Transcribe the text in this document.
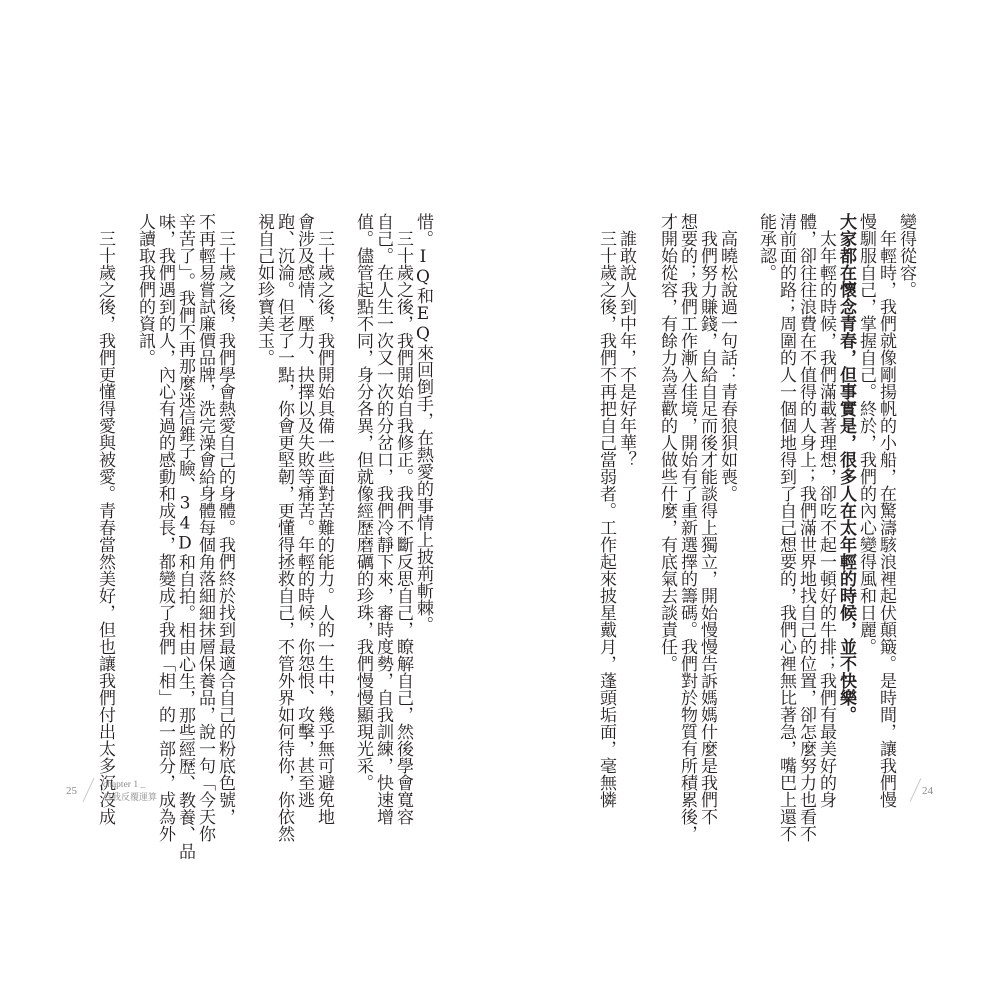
變得從容。
　年輕時，我們就像剛揚帆的小船，在驚濤駭浪裡起伏顛簸。是時間，讓我們慢
慢馴服自己，掌握自己。終於，我們的內心變得風和日麗。
大家都在懷念青春，但事實是，很多人在太年輕的時候，並不快樂。
　太年輕的時候，我們滿載著理想，卻吃不起一頓好的牛排；我們有最美好的身
體，卻往往浪費在不值得的人身上；我們滿世界地找自己的位置，卻怎麼努力也看不
清前面的路；周圍的人一個個地得到了自己想要的，我們心裡無比著急，嘴巴上還不
能承認。
　高曉松說過一句話：青春狼狽如喪。
　我們努力賺錢，自給自足而後才能談得上獨立，開始慢慢告訴媽媽什麼是我們不
想要的；我們工作漸入佳境，開始有了重新選擇的籌碼。我們對於物質有所積累後，
才開始從容，有餘力為喜歡的人做些什麼，有底氣去談責任。
　誰敢說人到中年，不是好年華？
　三十歲之後，我們不再把自己當弱者。工作起來披星戴月，蓬頭垢面，毫無憐	24
惜。IQ和EQ來回倒手，在熱愛的事情上披荊斬棘。
　三十歲之後，我們開始自我修正。我們不斷反思自己，瞭解自己，然後學會寬容
自己。在人生一次又一次的分岔口，我們冷靜下來，審時度勢，自我訓練，快速增
值。儘管起點不同，身分各異，但就像經歷磨礪的珍珠，我們慢慢顯現光采。
　三十歲之後，我們開始具備一些面對苦難的能力。人的一生中，幾乎無可避免地
會涉及感情、壓力、抉擇以及失敗等痛苦。年輕的時候，你怨恨、攻擊，甚至逃
跑、沉淪。但老了一點，你會更堅韌，更懂得拯救自己，不管外界如何待你，你依然
視自己如珍寶美玉。
　三十歲之後，我們學會熱愛自己的身體。我們終於找到最適合自己的粉底色號，
不再輕易嘗試廉價品牌，洗完澡會給身體每個角落細細抹層保養品，說一句「今天你
辛苦了」。我們不再那麼迷信錐子臉、34D和自拍。相由心生，那些經歷、教養、品
味，我們遇到的人，內心有過的感動和成長，都變成了我們「相」的一部分，成為外
人讀取我們的資訊。
　三十歲之後，我們更懂得愛與被愛。青春當然美好，但也讓我們付出太多沉沒成
25	chapter 1 _
自我反覆運算
